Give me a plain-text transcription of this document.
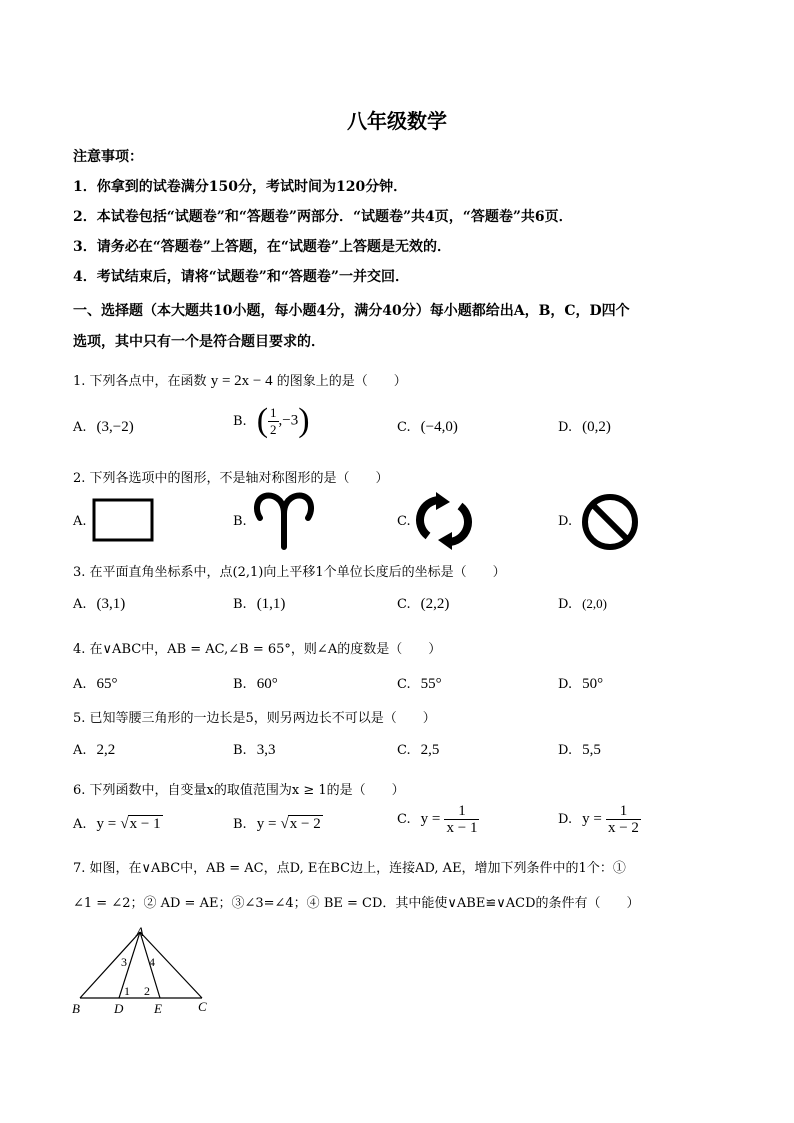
八年级数学
注意事项：
1．你拿到的试卷满分150分，考试时间为120分钟．
2．本试卷包括“试题卷”和“答题卷”两部分．“试题卷”共4页，“答题卷”共6页．
3．请务必在“答题卷”上答题，在“试题卷”上答题是无效的．
4．考试结束后，请将“试题卷”和“答题卷”一并交回．
一、选择题（本大题共10小题，每小题4分，满分40分）每小题都给出A，B，C，D四个
选项，其中只有一个是符合题目要求的．
1. 下列各点中，在函数 y = 2x − 4 的图象上的是（　　）
A. (3,−2)	B. ( $\frac{1}{2} ,-3$)	C. (−4,0)	D. (0,2)
2. 下列各选项中的图形，不是轴对称图形的是（　　）
A.	B.	C.	D.
3. 在平面直角坐标系中，点(2,1)向上平移1个单位长度后的坐标是（　　）
A. (3,1)	B. (1,1)	C. (2,2)	D. (2,0)
4. 在∨ABC中，AB = AC,∠B = 65°，则∠A的度数是（　　）
A. 65°	B. 60°	C. 55°	D. 50°
5. 已知等腰三角形的一边长是5，则另两边长不可以是（　　）
A. 2,2	B. 3,3	C. 2,5	D. 5,5
6. 下列函数中，自变量x的取值范围为x ≥ 1的是（　　）
A. y = √x − 1	B. y = √x − 2	C. $y = \frac{1}{x - 1}$	D. $y = \frac{1}{x - 2}$
7. 如图，在∨ABC中，AB = AC，点D, E在BC边上，连接AD, AE，增加下列条件中的1个：①
∠1 = ∠2；② AD = AE；③∠3=∠4；④ BE = CD．其中能使∨ABE≌∨ACD的条件有（　　）
A
B	C
D E
1 2
3 4
